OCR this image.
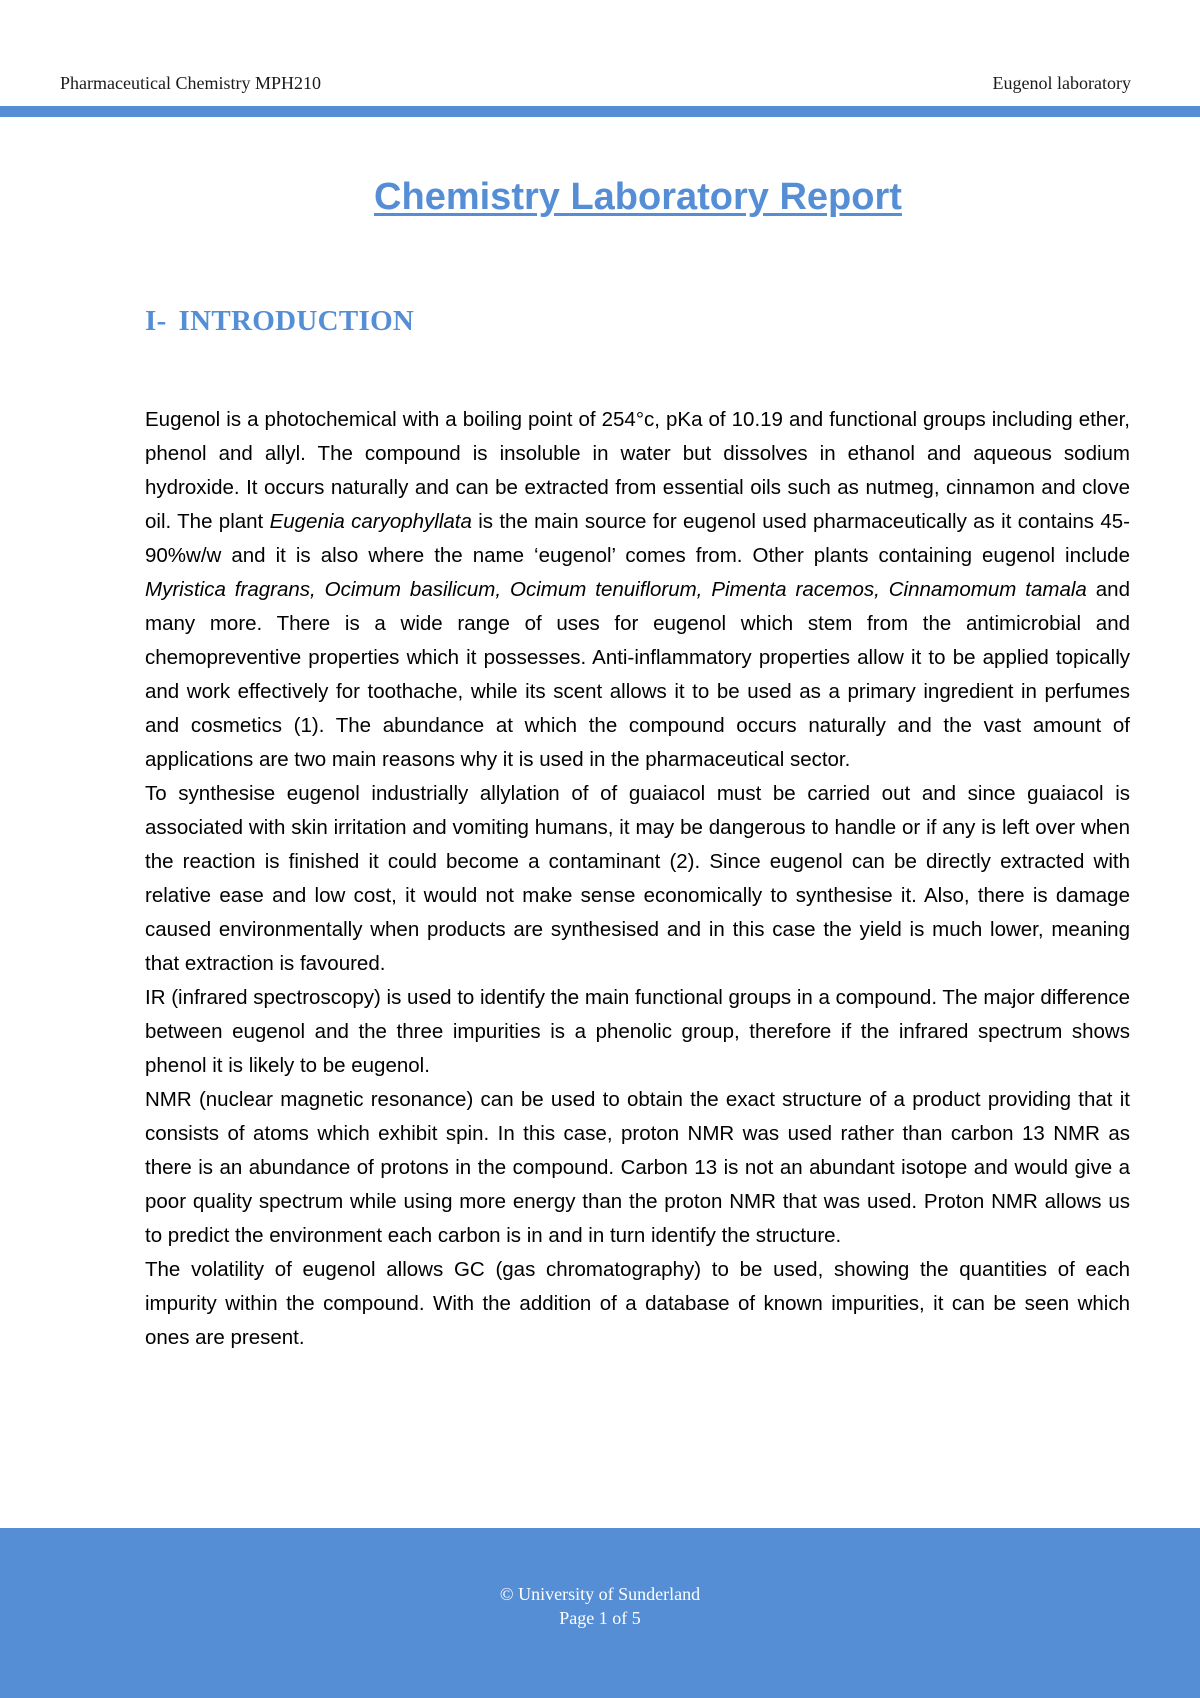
Pharmaceutical Chemistry MPH210	Eugenol laboratory
Chemistry Laboratory Report
I- INTRODUCTION

Eugenol is a photochemical with a boiling point of 254°c, pKa of 10.19 and functional groups including ether, phenol and allyl. The compound is insoluble in water but dissolves in ethanol and aqueous sodium hydroxide. It occurs naturally and can be extracted from essential oils such as nutmeg, cinnamon and clove oil. The plant Eugenia caryophyllata is the main source for eugenol used pharmaceutically as it contains 45-90%w/w and it is also where the name ‘eugenol’ comes from. Other plants containing eugenol include Myristica fragrans, Ocimum basilicum, Ocimum tenuiflorum, Pimenta racemos, Cinnamomum tamala and many more. There is a wide range of uses for eugenol which stem from the antimicrobial and chemopreventive properties which it possesses. Anti-inflammatory properties allow it to be applied topically and work effectively for toothache, while its scent allows it to be used as a primary ingredient in perfumes and cosmetics (1). The abundance at which the compound occurs naturally and the vast amount of applications are two main reasons why it is used in the pharmaceutical sector.

To synthesise eugenol industrially allylation of of guaiacol must be carried out and since guaiacol is associated with skin irritation and vomiting humans, it may be dangerous to handle or if any is left over when the reaction is finished it could become a contaminant (2). Since eugenol can be directly extracted with relative ease and low cost, it would not make sense economically to synthesise it. Also, there is damage caused environmentally when products are synthesised and in this case the yield is much lower, meaning that extraction is favoured.

IR (infrared spectroscopy) is used to identify the main functional groups in a compound. The major difference between eugenol and the three impurities is a phenolic group, therefore if the infrared spectrum shows phenol it is likely to be eugenol.

NMR (nuclear magnetic resonance) can be used to obtain the exact structure of a product providing that it consists of atoms which exhibit spin. In this case, proton NMR was used rather than carbon 13 NMR as there is an abundance of protons in the compound. Carbon 13 is not an abundant isotope and would give a poor quality spectrum while using more energy than the proton NMR that was used. Proton NMR allows us to predict the environment each carbon is in and in turn identify the structure.

The volatility of eugenol allows GC (gas chromatography) to be used, showing the quantities of each impurity within the compound. With the addition of a database of known impurities, it can be seen which ones are present.

© University of Sunderland
Page 1 of 5
